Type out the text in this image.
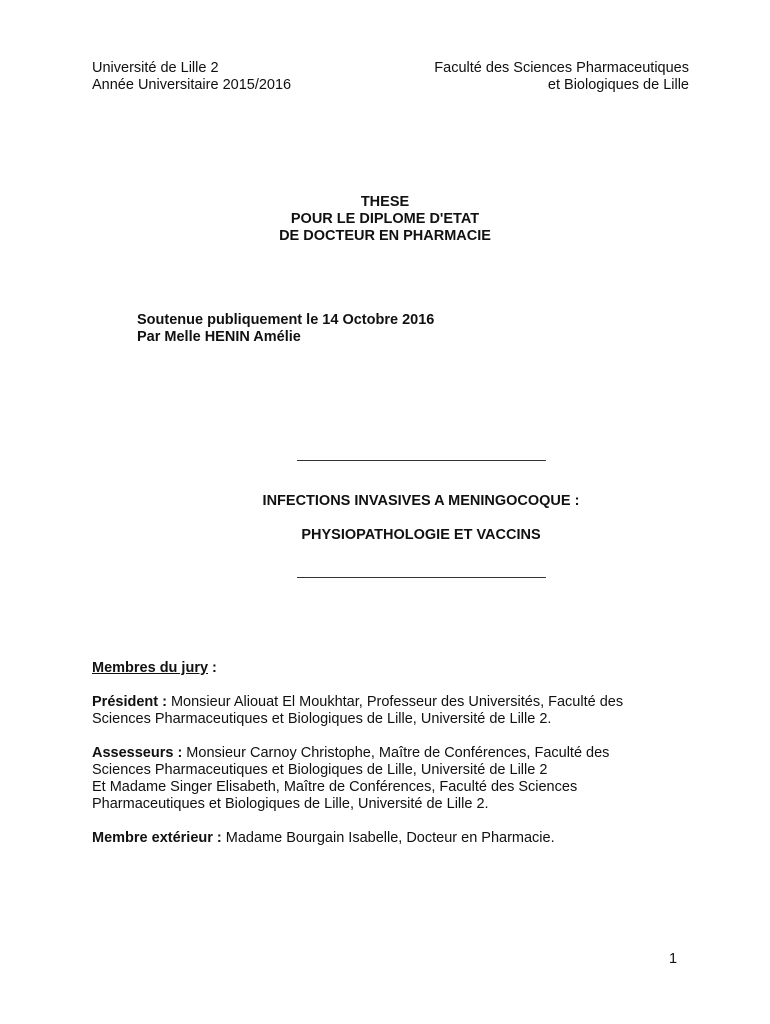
Université de Lille 2
Année Universitaire 2015/2016
Faculté des Sciences Pharmaceutiques
et Biologiques de Lille
THESE
POUR LE DIPLOME D'ETAT
DE DOCTEUR EN PHARMACIE
Soutenue publiquement le 14 Octobre 2016
Par Melle HENIN Amélie
INFECTIONS INVASIVES A MENINGOCOQUE :
PHYSIOPATHOLOGIE ET VACCINS
Membres du jury :
Président : Monsieur Aliouat El Moukhtar, Professeur des Universités, Faculté des
Sciences Pharmaceutiques et Biologiques de Lille, Université de Lille 2.
Assesseurs : Monsieur Carnoy Christophe, Maître de Conférences, Faculté des
Sciences Pharmaceutiques et Biologiques de Lille, Université de Lille 2
Et Madame Singer Elisabeth, Maître de Conférences, Faculté des Sciences
Pharmaceutiques et Biologiques de Lille, Université de Lille 2.
Membre extérieur : Madame Bourgain Isabelle, Docteur en Pharmacie.
1
